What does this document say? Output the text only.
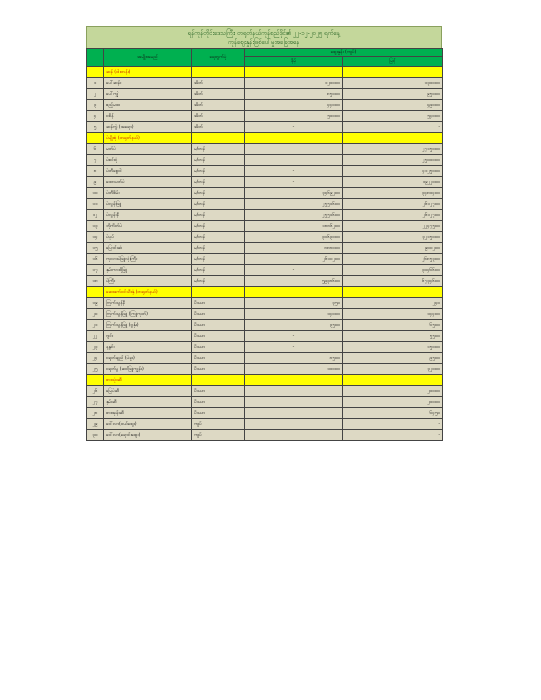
ရန်ကုန်တိုင်းဒေသကြီး၊ တရုတ်နယ်ကုန်စည်ဒိုင်၏ ၂၂-၁၂-၂၀၂၅ ရက်နေ့
ကုန်စျေးနှုန်းဖြစ်ပေါ်မှုအခြေအနေ
	အမျိုးအမည်	ရေတွက်ပုံ	စျေးနှုန်း (ကျပ်)	
			နိမ့်	မြင့်
	ဆန် (ဝါးတန်း)			
၁	ပေါ်ဆန်း	အိတ်	၁၂၀၀၀၀	၁၃၀၀၀၀
၂	ပေါ်ကျွဲ	အိတ်	၈၅၀၀၀	၉၅၀၀၀
၃	ဧည့်မထ	အိတ်	၄၄၀၀၀	၄၉၀၀၀
၄	ငစိန်	အိတ်	၅၀၀၀၀	၅၄၀၀၀
၅	ဆန်ကွဲ (အရော)	အိတ်	-	-
	ပဲမျိုးစုံ (တရုတ်နယ်)			
၆	မတ်ပဲ	မ/တန်		၂၇၁၅၀၀၀
၇	ပဲစင်းငုံ	မ/တန်		၂၅၀၀၀၀၀
၈	ပဲတီစွေဝါ	မ/တန်	-	၄၁၂၅၀၀၀
၉	ထောပတ်ပဲ	မ/တန်	-	၁၉၂၂၀၀၀
၁၀	ပဲတီစိမ်း	မ/တန်	၃၄၆၉၂၀၀	၃၄၈၀၄၀၀
၁၁	ပဲလွန်းဖြူ	မ/တန်	၂၅၅၁၆၀၀	၂၆၁၂၇၀၀
၁၂	ပဲလွန်းနီ	မ/တန်	၂၅၅၁၆၀၀	၂၆၁၂၇၀၀
၁၃	ဘိုကိတ်ပဲ	မ/တန်	၁၈၈၆၂၀၀	၂၂၄၇၅၀၀
၁၄	ပဲပုပ်	မ/တန်	၃၀၆၃၀၀၀	၃၂၁၅၀၀၀
၁၅	ပြောင်းဆံ	မ/တန်	၈၈၈၀၀၀	၉၀၀၂၀၀
၁၆	ကုလားပဲဖြူလုံးကြီး	မ/တန်	၂၆၁၀၂၀၀	၂၆၈၅၃၀၀
၁၇	နှမ်းကားဝိုဖြူ	မ/တန်	-	၃၀၄၆၆၀၀
၁၈	ပဲကြီး	မ/တန်	၅၉၃၈၆၀၀	၆၇၃၄၆၀၀
	ဆေးဖက်ဝင်သီးနှံ (တရုတ်နယ်)			
၁၉	ကြက်သွန်နီ	ပိဿာ	၃၅၀	၂၄၀
၂၀	ကြက်သွန်ဖြူ (ကြူကုတ်)	ပိဿာ	၁၄၀၀၀	၁၄၄၀၀
၂၁	ကြက်သွန်ဖြူ (ဗွန်ုး)	ပိဿာ	၃၅၀၀	၆၅၀၀
၂၂	ဂျင်း	ပိဿာ	-	၅၅၀၀
၂၃	နနွင်း	ပိဿာ	-	၁၅၀၀၀
၂၄	ငရုတ်ချည် (ပဲခူး)	ပိဿာ	၈၅၀၀	၉၅၀၀
၂၅	ငရုတ်ပွ (ဆင်ဖြူကျွန်း)	ပိဿာ	၁၀၀၀၀	၃၂၀၀၀
	စားသုံးဆီ			
၂၆	မြေပဲဆီ	ပိဿာ		၂၀၀၀၀
၂၇	နှမ်းဆီ	ပိဿာ		၂၀၀၀၀
၂၈	စားအုန်းဆီ	ပိဿာ		၆၄၅၀
၂၉	ဒေါ်လာ(ဝယ်စျေး)	ကျပ်		-
၃၀	ဒေါ်လာ(ရောင်းစျေး)	ကျပ်		-
